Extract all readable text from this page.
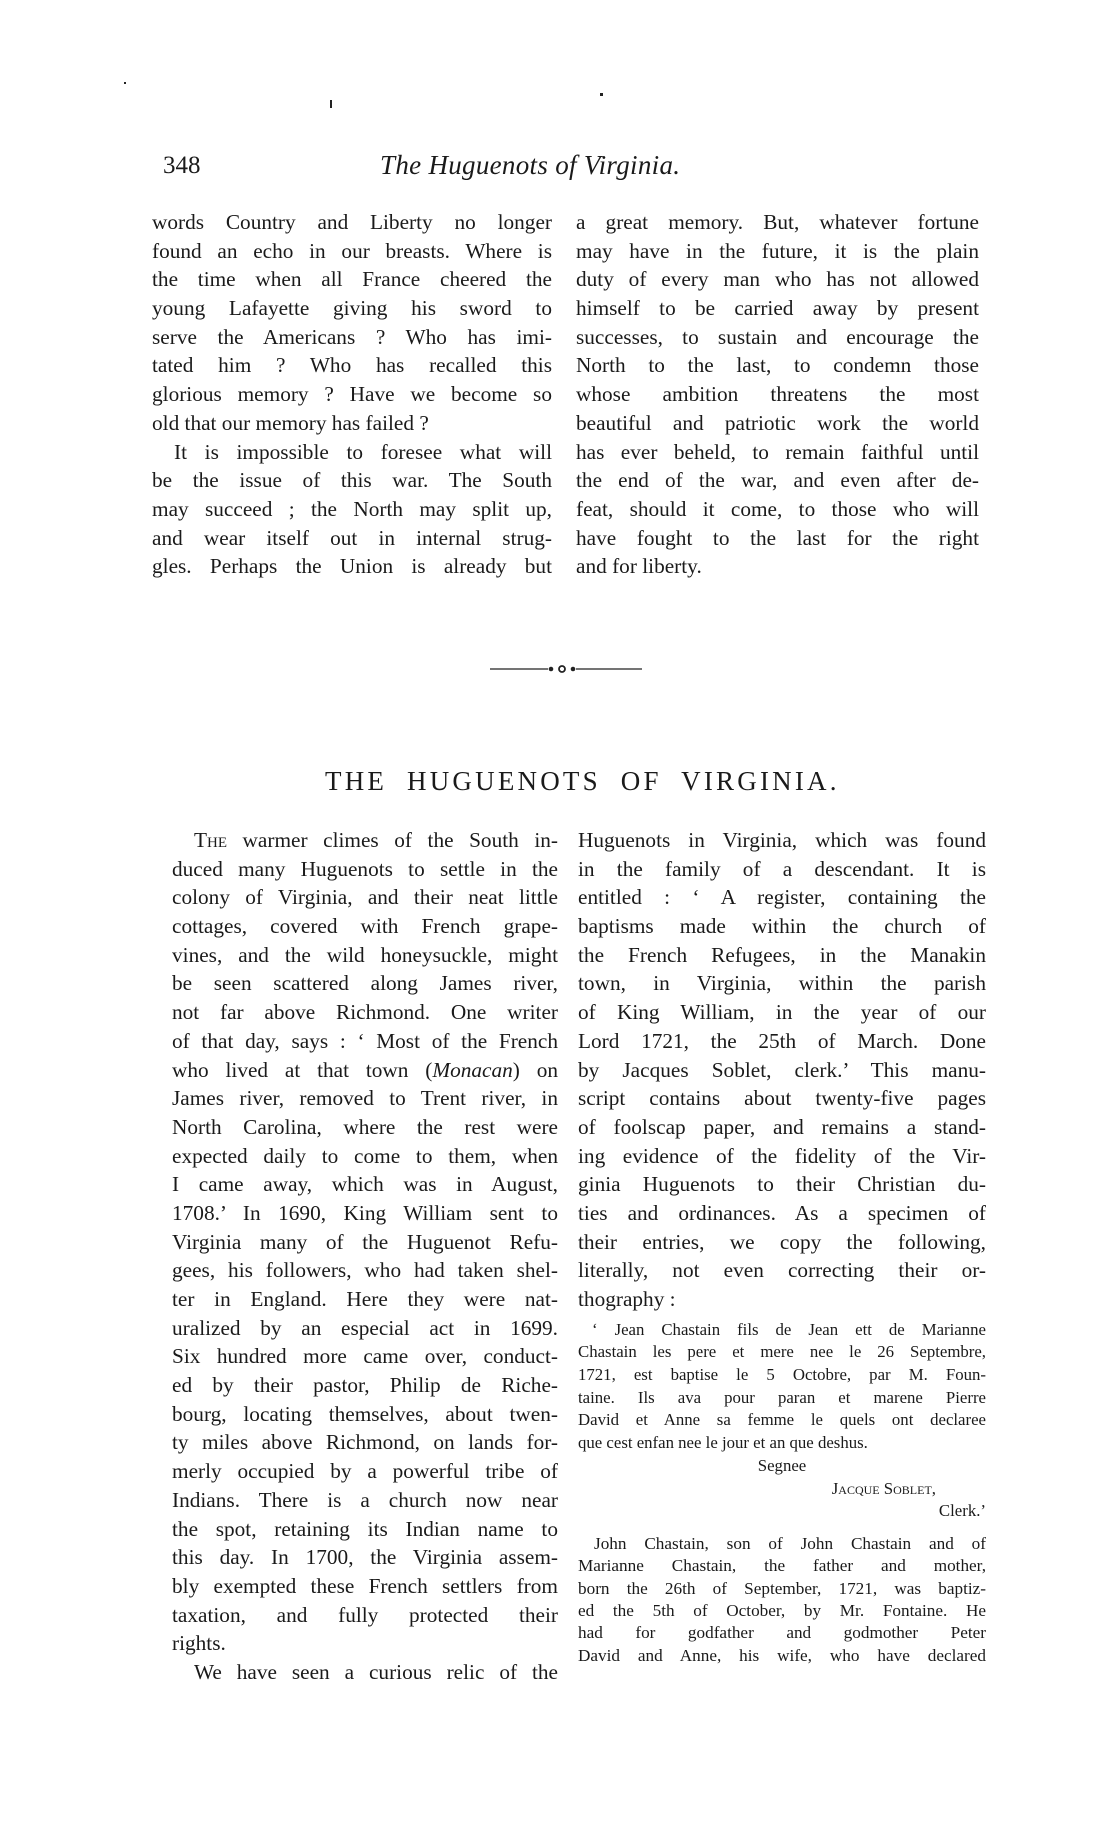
348	The Huguenots of Virginia.
words Country and Liberty no longer
found an echo in our breasts. Where is
the time when all France cheered the
young Lafayette giving his sword to
serve the Americans ? Who has imi-
tated him ? Who has recalled this
glorious memory ? Have we become so
old that our memory has failed ?
It is impossible to foresee what will
be the issue of this war. The South
may succeed ; the North may split up,
and wear itself out in internal strug-
gles. Perhaps the Union is already but
a great memory. But, whatever fortune
may have in the future, it is the plain
duty of every man who has not allowed
himself to be carried away by present
successes, to sustain and encourage the
North to the last, to condemn those
whose ambition threatens the most
beautiful and patriotic work the world
has ever beheld, to remain faithful until
the end of the war, and even after de-
feat, should it come, to those who will
have fought to the last for the right
and for liberty.
THE HUGUENOTS OF VIRGINIA.
The warmer climes of the South in-
duced many Huguenots to settle in the
colony of Virginia, and their neat little
cottages, covered with French grape-
vines, and the wild honeysuckle, might
be seen scattered along James river,
not far above Richmond. One writer
of that day, says : ‘ Most of the French
who lived at that town (Monacan) on
James river, removed to Trent river, in
North Carolina, where the rest were
expected daily to come to them, when
I came away, which was in August,
1708.’ In 1690, King William sent to
Virginia many of the Huguenot Refu-
gees, his followers, who had taken shel-
ter in England. Here they were nat-
uralized by an especial act in 1699.
Six hundred more came over, conduct-
ed by their pastor, Philip de Riche-
bourg, locating themselves, about twen-
ty miles above Richmond, on lands for-
merly occupied by a powerful tribe of
Indians. There is a church now near
the spot, retaining its Indian name to
this day. In 1700, the Virginia assem-
bly exempted these French settlers from
taxation, and fully protected their
rights.
We have seen a curious relic of the
Huguenots in Virginia, which was found
in the family of a descendant. It is
entitled : ‘ A register, containing the
baptisms made within the church of
the French Refugees, in the Manakin
town, in Virginia, within the parish
of King William, in the year of our
Lord 1721, the 25th of March. Done
by Jacques Soblet, clerk.’ This manu-
script contains about twenty-five pages
of foolscap paper, and remains a stand-
ing evidence of the fidelity of the Vir-
ginia Huguenots to their Christian du-
ties and ordinances. As a specimen of
their entries, we copy the following,
literally, not even correcting their or-
thography :
‘ Jean Chastain fils de Jean ett de Marianne
Chastain les pere et mere nee le 26 Septembre,
1721, est baptise le 5 Octobre, par M. Foun-
taine. Ils ava pour paran et marene Pierre
David et Anne sa femme le quels ont declaree
que cest enfan nee le jour et an que deshus.
Segnee
Jacque Soblet,
Clerk.’
John Chastain, son of John Chastain and of
Marianne Chastain, the father and mother,
born the 26th of September, 1721, was baptiz-
ed the 5th of October, by Mr. Fontaine. He
had for godfather and godmother Peter
David and Anne, his wife, who have declared
